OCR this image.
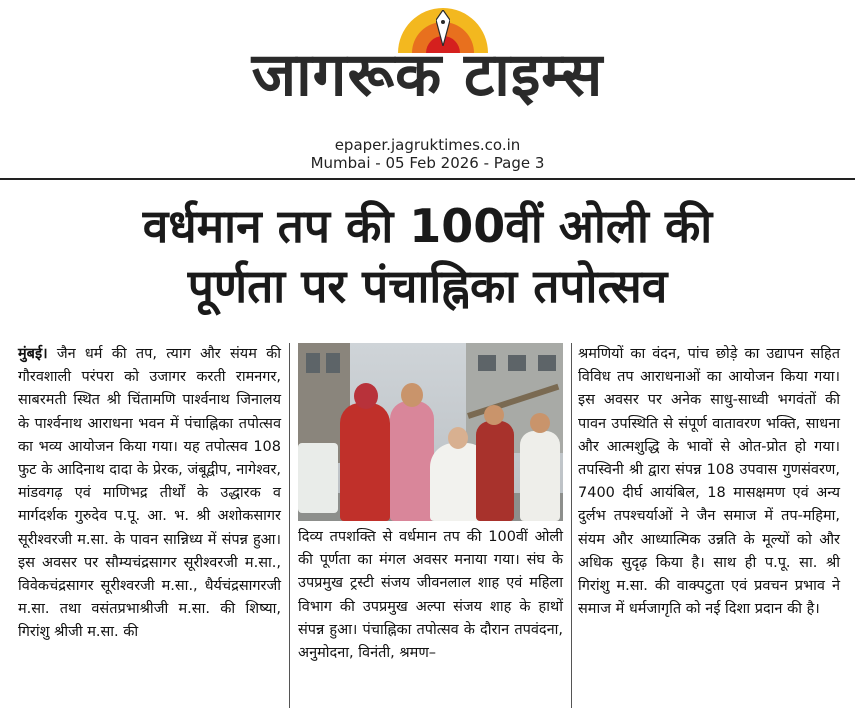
जागरूक टाइम्स
epaper.jagruktimes.co.in
Mumbai - 05 Feb 2026 - Page 3
वर्धमान तप की 100वीं ओली की
पूर्णता पर पंचाह्निका तपोत्सव
मुंबई। जैन धर्म की तप, त्याग और संयम की गौरवशाली परंपरा को उजागर करती रामनगर, साबरमती स्थित श्री चिंतामणि पार्श्वनाथ जिनालय के पार्श्वनाथ आराधना भवन में पंचाह्निका तपोत्सव का भव्य आयोजन किया गया। यह तपोत्सव 108 फुट के आदिनाथ दादा के प्रेरक, जंबूद्वीप, नागेश्वर, मांडवगढ़ एवं माणिभद्र तीर्थों के उद्धारक व मार्गदर्शक गुरुदेव प.पू. आ. भ. श्री अशोकसागर सूरीश्वरजी म.सा. के पावन सान्निध्य में संपन्न हुआ। इस अवसर पर सौम्यचंद्रसागर सूरीश्वरजी म.सा., विवेकचंद्रसागर सूरीश्वरजी म.सा., धैर्यचंद्रसागरजी म.सा. तथा वसंतप्रभाश्रीजी म.सा. की शिष्या, गिरांशु श्रीजी म.सा. की
दिव्य तपशक्ति से वर्धमान तप की 100वीं ओली की पूर्णता का मंगल अवसर मनाया गया। संघ के उपप्रमुख ट्रस्टी संजय जीवनलाल शाह एवं महिला विभाग की उपप्रमुख अल्पा संजय शाह के हाथों संपन्न हुआ। पंचाह्निका तपोत्सव के दौरान तपवंदना, अनुमोदना, विनंती, श्रमण–
श्रमणियों का वंदन, पांच छोड़े का उद्यापन सहित विविध तप आराधनाओं का आयोजन किया गया। इस अवसर पर अनेक साधु-साध्वी भगवंतों की पावन उपस्थिति से संपूर्ण वातावरण भक्ति, साधना और आत्मशुद्धि के भावों से ओत-प्रोत हो गया। तपस्विनी श्री द्वारा संपन्न 108 उपवास गुणसंवरण, 7400 दीर्घ आयंबिल, 18 मासक्षमण एवं अन्य दुर्लभ तपश्चर्याओं ने जैन समाज में तप-महिमा, संयम और आध्यात्मिक उन्नति के मूल्यों को और अधिक सुदृढ़ किया है। साथ ही प.पू. सा. श्री गिरांशु म.सा. की वाक्पटुता एवं प्रवचन प्रभाव ने समाज में धर्मजागृति को नई दिशा प्रदान की है।
